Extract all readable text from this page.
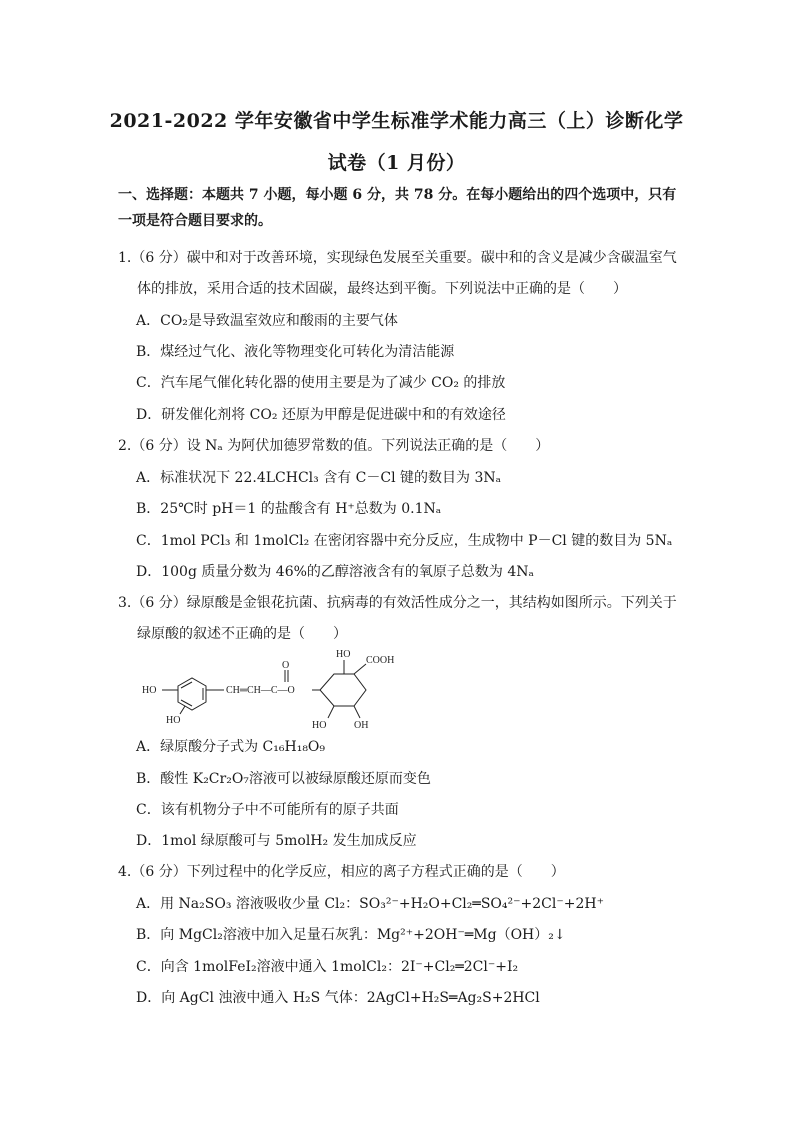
2021-2022 学年安徽省中学生标准学术能力高三（上）诊断化学
试卷（1 月份）
一、选择题：本题共 7 小题，每小题 6 分，共 78 分。在每小题给出的四个选项中，只有一项是符合题目要求的。
1.（6 分）碳中和对于改善环境，实现绿色发展至关重要。碳中和的含义是减少含碳温室气
体的排放，采用合适的技术固碳，最终达到平衡。下列说法中正确的是（　　）
A．CO₂是导致温室效应和酸雨的主要气体
B．煤经过气化、液化等物理变化可转化为清洁能源
C．汽车尾气催化转化器的使用主要是为了减少 CO₂ 的排放
D．研发催化剂将 CO₂ 还原为甲醇是促进碳中和的有效途径
2.（6 分）设 Nₐ 为阿伏加德罗常数的值。下列说法正确的是（　　）
A．标准状况下 22.4LCHCl₃ 含有 C－Cl 键的数目为 3Nₐ
B．25℃时 pH＝1 的盐酸含有 H⁺总数为 0.1Nₐ
C．1mol PCl₃ 和 1molCl₂ 在密闭容器中充分反应，生成物中 P－Cl 键的数目为 5Nₐ
D．100g 质量分数为 46%的乙醇溶液含有的氧原子总数为 4Nₐ
3.（6 分）绿原酸是金银花抗菌、抗病毒的有效活性成分之一，其结构如图所示。下列关于
绿原酸的叙述不正确的是（　　）
HO
HO
CH═CH—C—O
O
HO
COOH
HO	OH
A．绿原酸分子式为 C₁₆H₁₈O₉
B．酸性 K₂Cr₂O₇溶液可以被绿原酸还原而变色
C．该有机物分子中不可能所有的原子共面
D．1mol 绿原酸可与 5molH₂ 发生加成反应
4.（6 分）下列过程中的化学反应，相应的离子方程式正确的是（　　）
A．用 Na₂SO₃ 溶液吸收少量 Cl₂：SO₃²⁻+H₂O+Cl₂═SO₄²⁻+2Cl⁻+2H⁺
B．向 MgCl₂溶液中加入足量石灰乳：Mg²⁺+2OH⁻═Mg（OH）₂↓
C．向含 1molFeI₂溶液中通入 1molCl₂：2I⁻+Cl₂═2Cl⁻+I₂
D．向 AgCl 浊液中通入 H₂S 气体：2AgCl+H₂S═Ag₂S+2HCl
